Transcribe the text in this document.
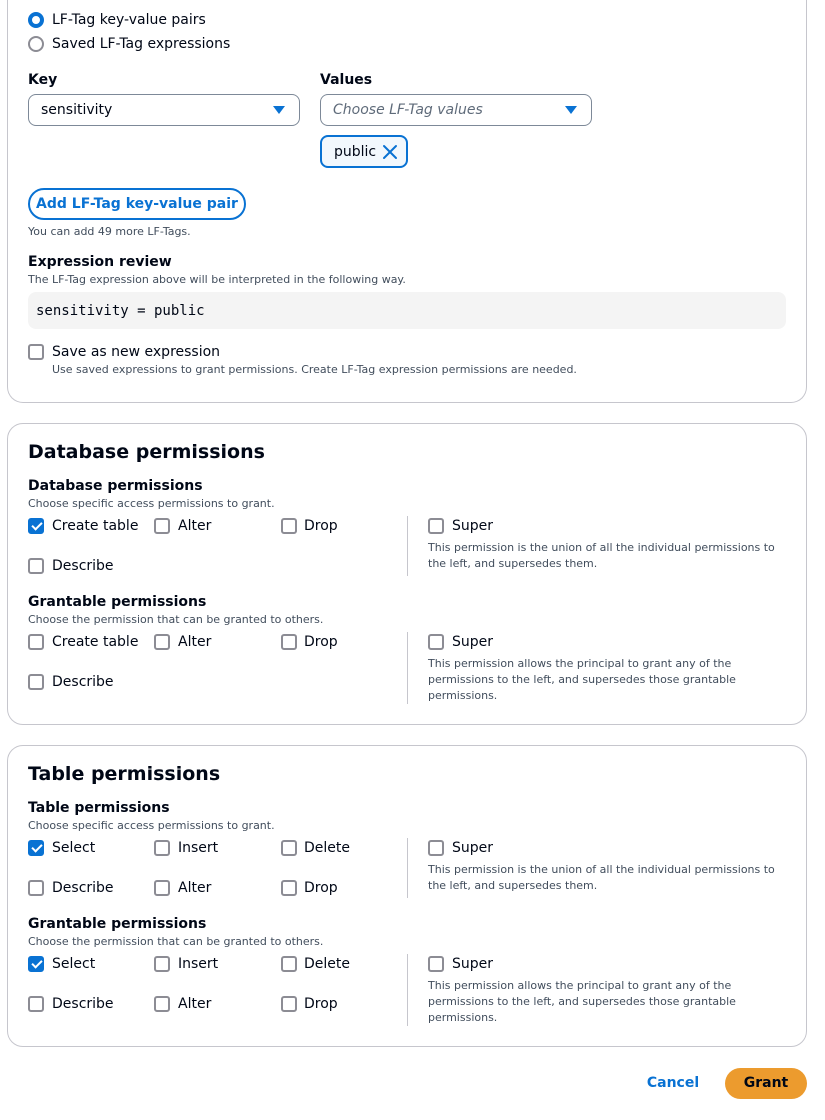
LF-Tag key-value pairs
Saved LF-Tag expressions
Key
sensitivity
Values
Choose LF-Tag values
public
Add LF-Tag key-value pair
You can add 49 more LF-Tags.
Expression review
The LF-Tag expression above will be interpreted in the following way.
sensitivity = public
Save as new expression
Use saved expressions to grant permissions. Create LF-Tag expression permissions are needed.
Database permissions
Database permissions
Choose specific access permissions to grant.
Create table	Alter	Drop
Describe
Super
This permission is the union of all the individual permissions to the left, and supersedes them.
Grantable permissions
Choose the permission that can be granted to others.
Create table	Alter	Drop
Describe
Super
This permission allows the principal to grant any of the permissions to the left, and supersedes those grantable permissions.
Table permissions
Table permissions
Choose specific access permissions to grant.
Select	Insert	Delete
Describe	Alter	Drop
Super
This permission is the union of all the individual permissions to the left, and supersedes them.
Grantable permissions
Choose the permission that can be granted to others.
Select	Insert	Delete
Describe	Alter	Drop
Super
This permission allows the principal to grant any of the permissions to the left, and supersedes those grantable permissions.
Cancel	Grant
